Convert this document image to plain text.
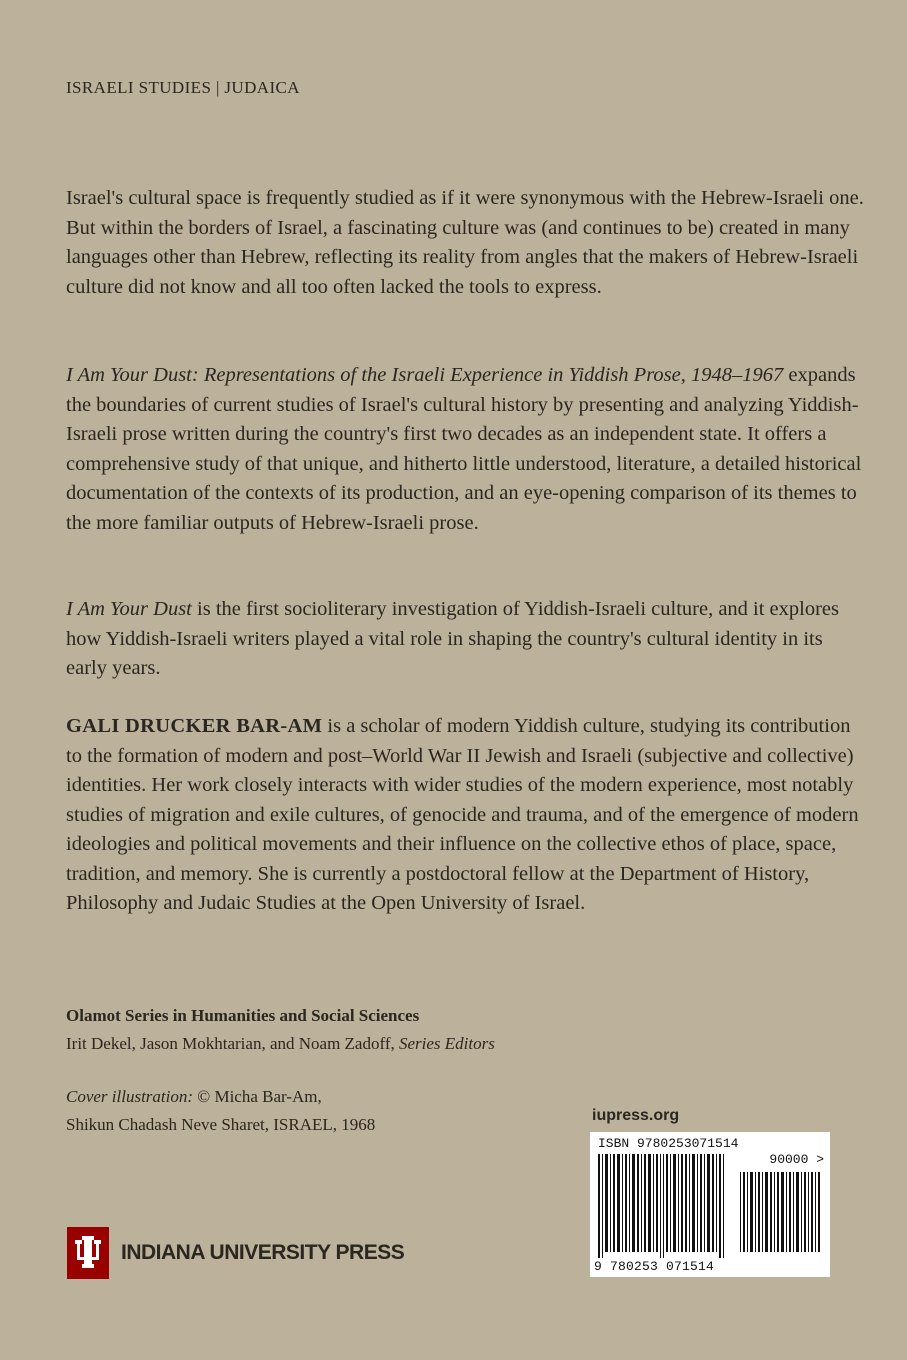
ISRAELI STUDIES | JUDAICA

Israel's cultural space is frequently studied as if it were synonymous with the Hebrew-Israeli one. But within the borders of Israel, a fascinating culture was (and continues to be) created in many languages other than Hebrew, reflecting its reality from angles that the makers of Hebrew-Israeli culture did not know and all too often lacked the tools to express.

I Am Your Dust: Representations of the Israeli Experience in Yiddish Prose, 1948–1967 expands the boundaries of current studies of Israel's cultural history by presenting and analyzing Yiddish-Israeli prose written during the country's first two decades as an independent state. It offers a comprehensive study of that unique, and hitherto little understood, literature, a detailed historical documentation of the contexts of its production, and an eye-opening comparison of its themes to the more familiar outputs of Hebrew-Israeli prose.

I Am Your Dust is the first socioliterary investigation of Yiddish-Israeli culture, and it explores how Yiddish-Israeli writers played a vital role in shaping the country's cultural identity in its early years.

GALI DRUCKER BAR-AM is a scholar of modern Yiddish culture, studying its contribution to the formation of modern and post–World War II Jewish and Israeli (subjective and collective) identities. Her work closely interacts with wider studies of the modern experience, most notably studies of migration and exile cultures, of genocide and trauma, and of the emergence of modern ideologies and political movements and their influence on the collective ethos of place, space, tradition, and memory. She is currently a postdoctoral fellow at the Department of History, Philosophy and Judaic Studies at the Open University of Israel.

Olamot Series in Humanities and Social Sciences
Irit Dekel, Jason Mokhtarian, and Noam Zadoff, Series Editors
Cover illustration: © Micha Bar-Am,
Shikun Chadash Neve Sharet, ISRAEL, 1968
INDIANA UNIVERSITY PRESS
iupress.org
ISBN 9780253071514
90000 >
9 780253 071514
